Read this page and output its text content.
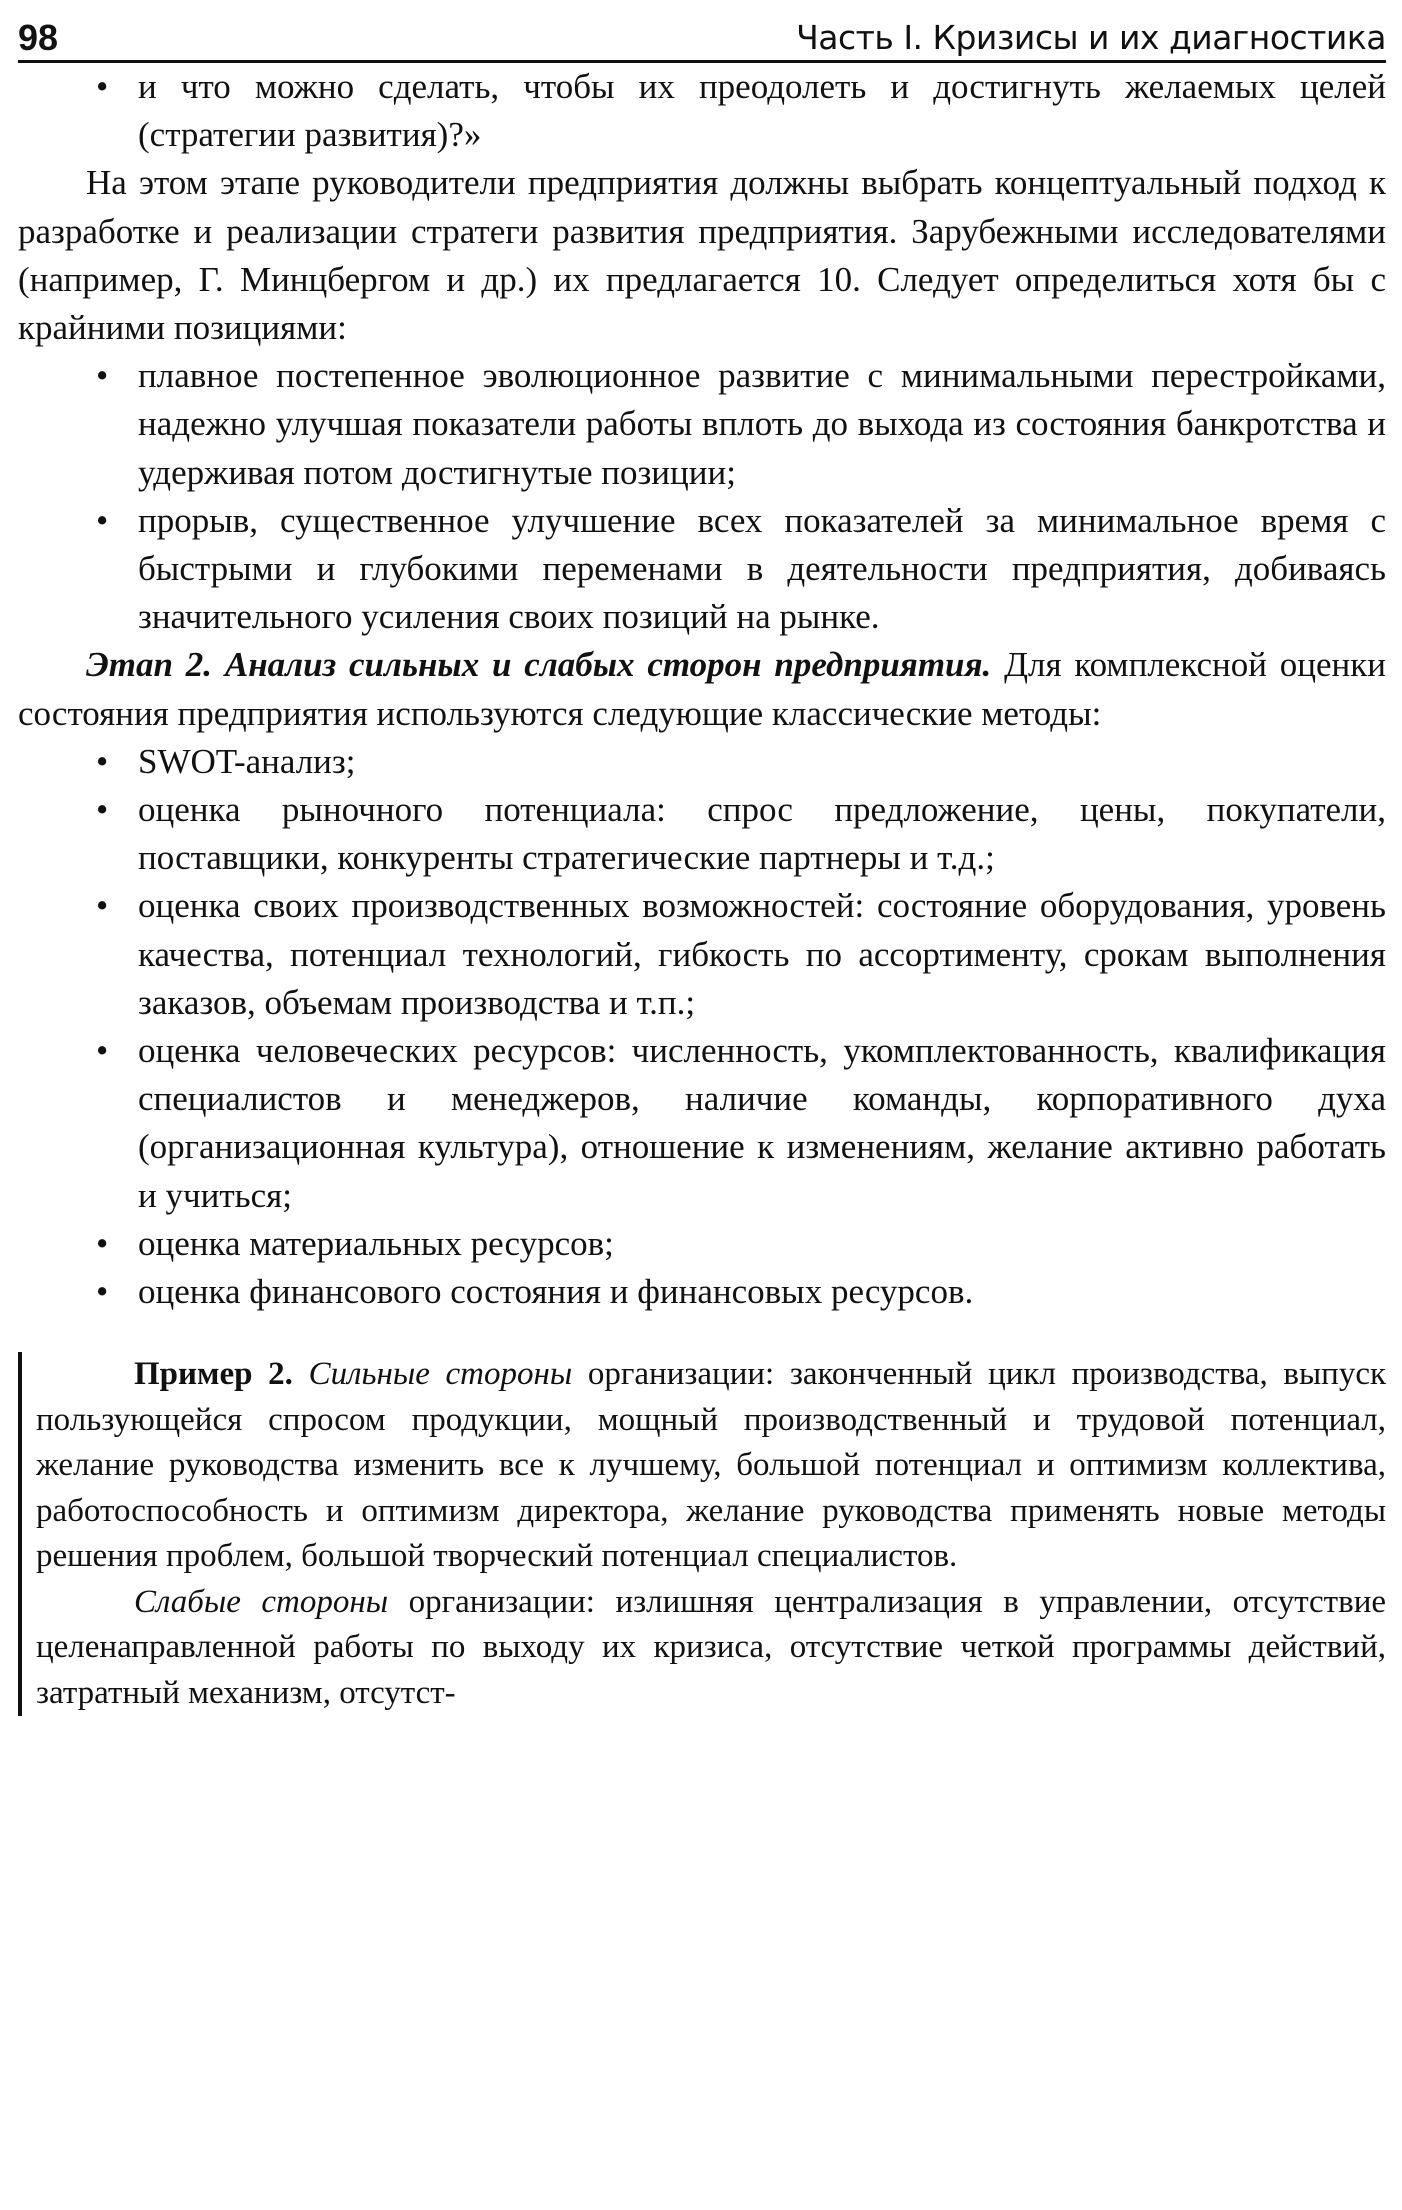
98	Часть I. Кризисы и их диагностика
• и что можно сделать, чтобы их преодолеть и достигнуть желаемых целей (стратегии развития)?»

На этом этапе руководители предприятия должны выбрать концептуальный подход к разработке и реализации стратеги развития предприятия. Зарубежными исследователями (например, Г. Минцбергом и др.) их предлагается 10. Следует определиться хотя бы с крайними позициями:

• плавное постепенное эволюционное развитие с минимальными перестройками, надежно улучшая показатели работы вплоть до выхода из состояния банкротства и удерживая потом достигнутые позиции;
• прорыв, существенное улучшение всех показателей за минимальное время с быстрыми и глубокими переменами в деятельности предприятия, добиваясь значительного усиления своих позиций на рынке.

Этап 2. Анализ сильных и слабых сторон предприятия. Для комплексной оценки состояния предприятия используются следующие классические методы:

• SWOT-анализ;
• оценка рыночного потенциала: спрос предложение, цены, покупатели, поставщики, конкуренты стратегические партнеры и т.д.;
• оценка своих производственных возможностей: состояние оборудования, уровень качества, потенциал технологий, гибкость по ассортименту, срокам выполнения заказов, объемам производства и т.п.;
• оценка человеческих ресурсов: численность, укомплектованность, квалификация специалистов и менеджеров, наличие команды, корпоративного духа (организационная культура), отношение к изменениям, желание активно работать и учиться;
• оценка материальных ресурсов;
• оценка финансового состояния и финансовых ресурсов.

Пример 2. Сильные стороны организации: законченный цикл производства, выпуск пользующейся спросом продукции, мощный производственный и трудовой потенциал, желание руководства изменить все к лучшему, большой потенциал и оптимизм коллектива, работоспособность и оптимизм директора, желание руководства применять новые методы решения проблем, большой творческий потенциал специалистов.

Слабые стороны организации: излишняя централизация в управлении, отсутствие целенаправленной работы по выходу их кризиса, отсутствие четкой программы действий, затратный механизм, отсутст-
